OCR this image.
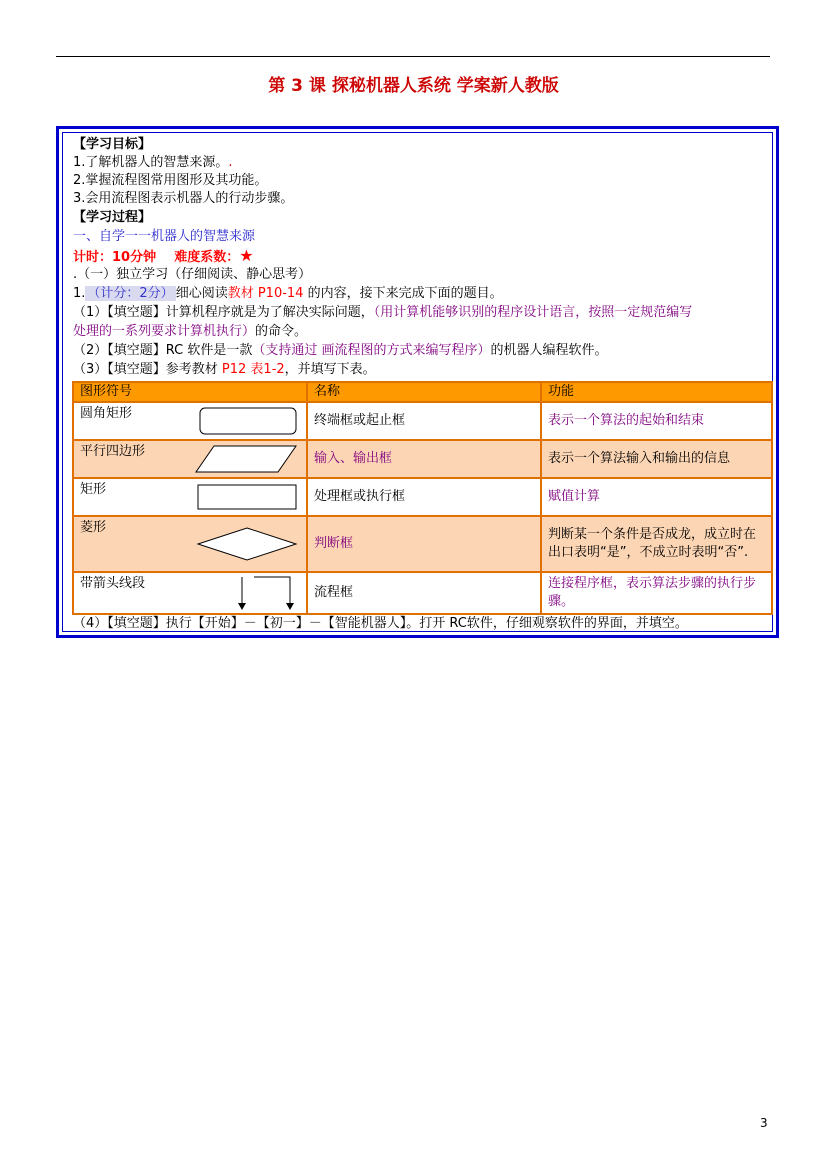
第 3 课 探秘机器人系统 学案新人教版
【学习目标】
1.了解机器人的智慧来源。.
2.掌握流程图常用图形及其功能。
3.会用流程图表示机器人的行动步骤。
【学习过程】
一、自学一一机器人的智慧来源
计时：10分钟 难度系数：★
.（一）独立学习（仔细阅读、静心思考）
1. （计分：2分） 细心阅读教材 P10-14 的内容，接下来完成下面的题目。
（1）【填空题】计算机程序就是为了解决实际问题，（用计算机能够识别的程序设计语言，按照一定规范编写
处理的一系列要求计算机执行）的命令。
（2）【填空题】RC 软件是一款（支持通过 画流程图的方式来编写程序）的机器人编程软件。
（3）【填空题】参考教材 P12 表1-2，并填写下表。
图形符号	名称	功能
圆角矩形	终端框或起止框	表示一个算法的起始和结束
平行四边形	输入、输出框	表示一个算法输入和输出的信息
矩形	处理框或执行框	赋值计算
菱形	判断框	判断某一个条件是否成龙，成立时在出口表明“是”，不成立时表明“否”.
带箭头线段	流程框	连接程序框，表示算法步骤的执行步骤。
（4）【填空题】执行【开始】－【初一】－【智能机器人】。打开 RC软件，仔细观察软件的界面，并填空。
3
